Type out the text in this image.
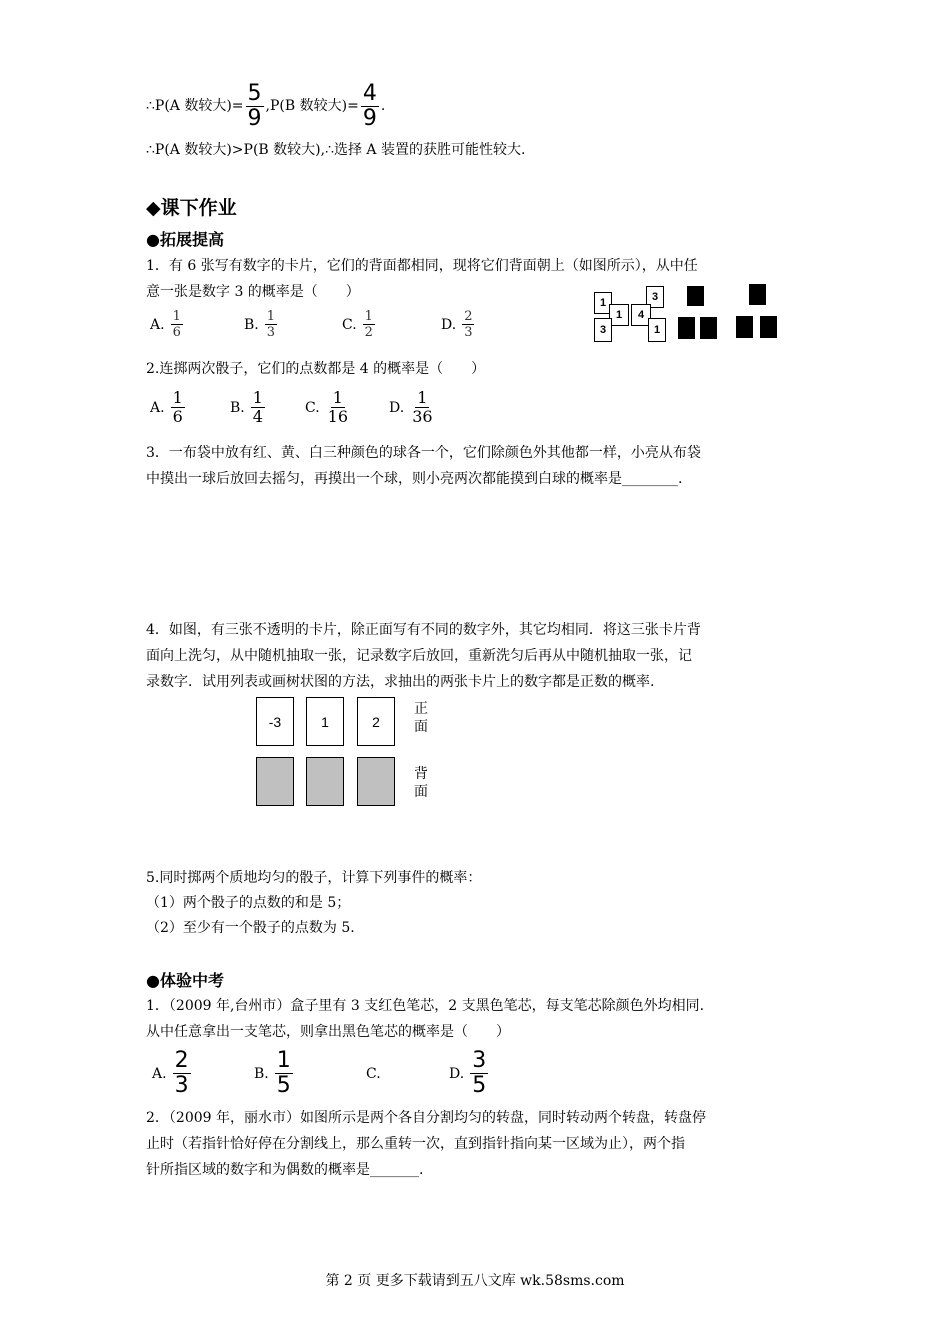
∴P(A 数较大)= $\frac{5}{9} ,P(B$ 数较大)= $\frac{4}{9}$ .
∴P(A 数较大)>P(B 数较大),∴选择 A 装置的获胜可能性较大.
◆课下作业
●拓展提高
1．有 6 张写有数字的卡片，它们的背面都相同，现将它们背面朝上（如图所示），从中任
意一张是数字 3 的概率是（　　）
A. $\frac{1}{6}$	B. $\frac{1}{3}$	C. $\frac{1}{2}$	D. $\frac{2}{3}$
1
1
3
3
4
1
2.连掷两次骰子，它们的点数都是 4 的概率是（　　）
A. $\frac{1}{6}$	B. $\frac{1}{4}$	C. $\frac{1}{16}$	D. $\frac{1}{36}$
3．一布袋中放有红、黄、白三种颜色的球各一个，它们除颜色外其他都一样，小亮从布袋
中摸出一球后放回去摇匀，再摸出一个球，则小亮两次都能摸到白球的概率是________.
4．如图，有三张不透明的卡片，除正面写有不同的数字外，其它均相同．将这三张卡片背
面向上洗匀，从中随机抽取一张，记录数字后放回，重新洗匀后再从中随机抽取一张，记
录数字．试用列表或画树状图的方法，求抽出的两张卡片上的数字都是正数的概率.
-3	1	2
正面
背面
5.同时掷两个质地均匀的骰子，计算下列事件的概率：
（1）两个骰子的点数的和是 5；
（2）至少有一个骰子的点数为 5.
●体验中考
1．（2009 年,台州市）盒子里有 3 支红色笔芯，2 支黑色笔芯，每支笔芯除颜色外均相同.
从中任意拿出一支笔芯，则拿出黑色笔芯的概率是（　　）
A. $\frac{2}{3}$	B. $\frac{1}{5}$	C.	D. $\frac{3}{5}$
2．（2009 年，丽水市）如图所示是两个各自分割均匀的转盘，同时转动两个转盘，转盘停
止时（若指针恰好停在分割线上，那么重转一次，直到指针指向某一区域为止），两个指
针所指区域的数字和为偶数的概率是_______.
第 2 页 更多下载请到五八文库 wk.58sms.com
